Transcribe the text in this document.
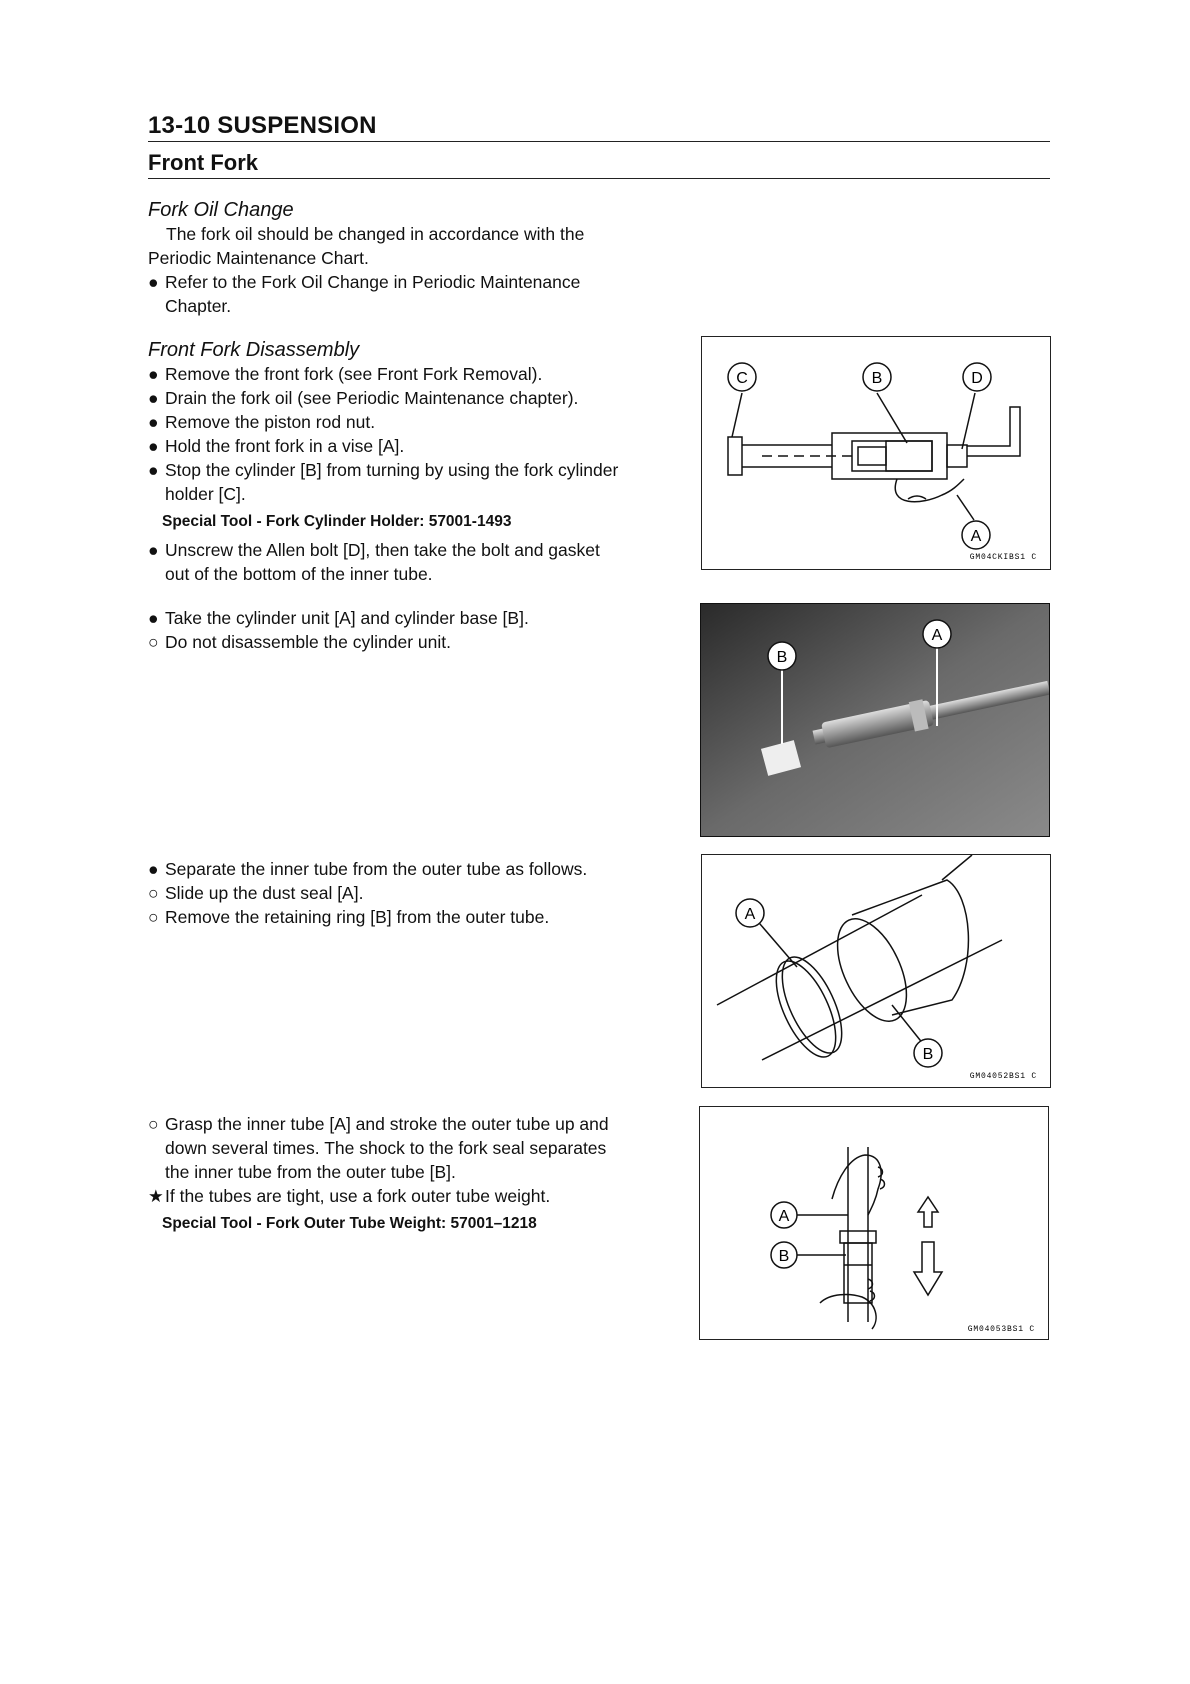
13-10 SUSPENSION
Front Fork
Fork Oil Change

The fork oil should be changed in accordance with the

Periodic Maintenance Chart.

● Refer to the Fork Oil Change in Periodic Maintenance
Chapter.
Front Fork Disassembly
● Remove the front fork (see Front Fork Removal).
● Drain the fork oil (see Periodic Maintenance chapter).
● Remove the piston rod nut.
● Hold the front fork in a vise [A].
● Stop the cylinder [B] from turning by using the fork cylinder
holder [C].
Special Tool - Fork Cylinder Holder: 57001-1493
● Unscrew the Allen bolt [D], then take the bolt and gasket
out of the bottom of the inner tube.
● Take the cylinder unit [A] and cylinder base [B].
○ Do not disassemble the cylinder unit.
● Separate the inner tube from the outer tube as follows.
○ Slide up the dust seal [A].
○ Remove the retaining ring [B] from the outer tube.
○ Grasp the inner tube [A] and stroke the outer tube up and
down several times. The shock to the fork seal separates
the inner tube from the outer tube [B].
★ If the tubes are tight, use a fork outer tube weight.
Special Tool - Fork Outer Tube Weight: 57001–1218
C	B	D
A
GM04CKIBS1 C
A
B
A
B
GM04052BS1 C
A
B
GM04053BS1 C
